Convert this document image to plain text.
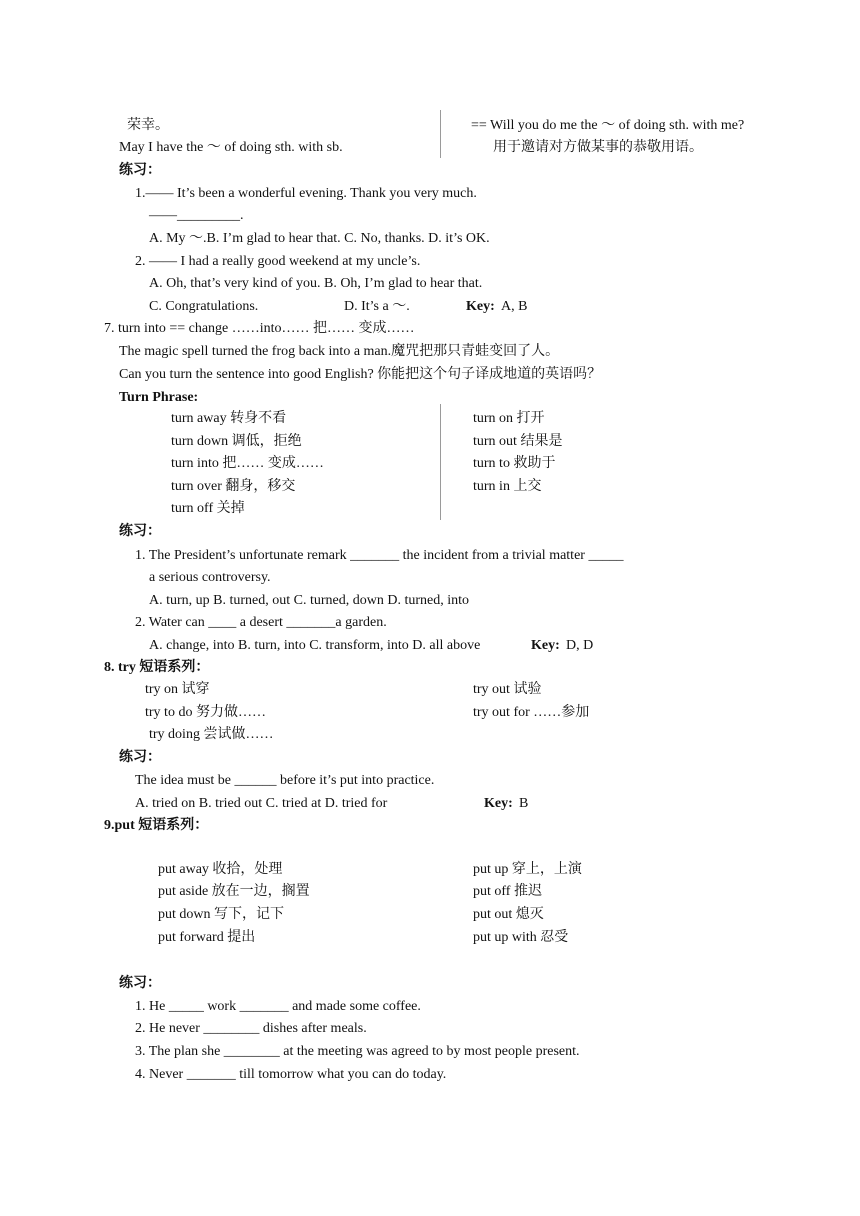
荣幸。	== Will you do me the ～ of doing sth. with me?
May I have the ～ of doing sth. with sb.	用于邀请对方做某事的恭敬用语。
练习：
1.—— It’s been a wonderful evening. Thank you very much.
——_________.
A. My ～.B. I’m glad to hear that. C. No, thanks. D. it’s OK.
2. —— I had a really good weekend at my uncle’s.
A. Oh, that’s very kind of you. B. Oh, I’m glad to hear that.
C. Congratulations.	D. It’s a ～.	Key: A, B
7. turn into == change ……into…… 把…… 变成……
The magic spell turned the frog back into a man.魔咒把那只青蛙变回了人。
Can you turn the sentence into good English? 你能把这个句子译成地道的英语吗？
Turn Phrase:
turn away 转身不看	turn on 打开
turn down 调低，拒绝	turn out 结果是
turn into 把…… 变成……	turn to 救助于
turn over 翻身，移交	turn in 上交
turn off 关掉
练习：
1. The President’s unfortunate remark _______ the incident from a trivial matter _____
a serious controversy.
A. turn, up B. turned, out C. turned, down D. turned, into
2. Water can ____ a desert _______a garden.
A. change, into B. turn, into C. transform, into D. all above	Key: D, D
8. try 短语系列：
try on 试穿	try out 试验
try to do 努力做……	try out for ……参加
try doing 尝试做……
练习：
The idea must be ______ before it’s put into practice.
A. tried on B. tried out C. tried at D. tried for	Key: B
9.put 短语系列：
put away 收拾，处理	put up 穿上，上演
put aside 放在一边，搁置	put off 推迟
put down 写下，记下	put out 熄灭
put forward 提出	put up with 忍受
练习：
1. He _____ work _______ and made some coffee.
2. He never ________ dishes after meals.
3. The plan she ________ at the meeting was agreed to by most people present.
4. Never _______ till tomorrow what you can do today.
